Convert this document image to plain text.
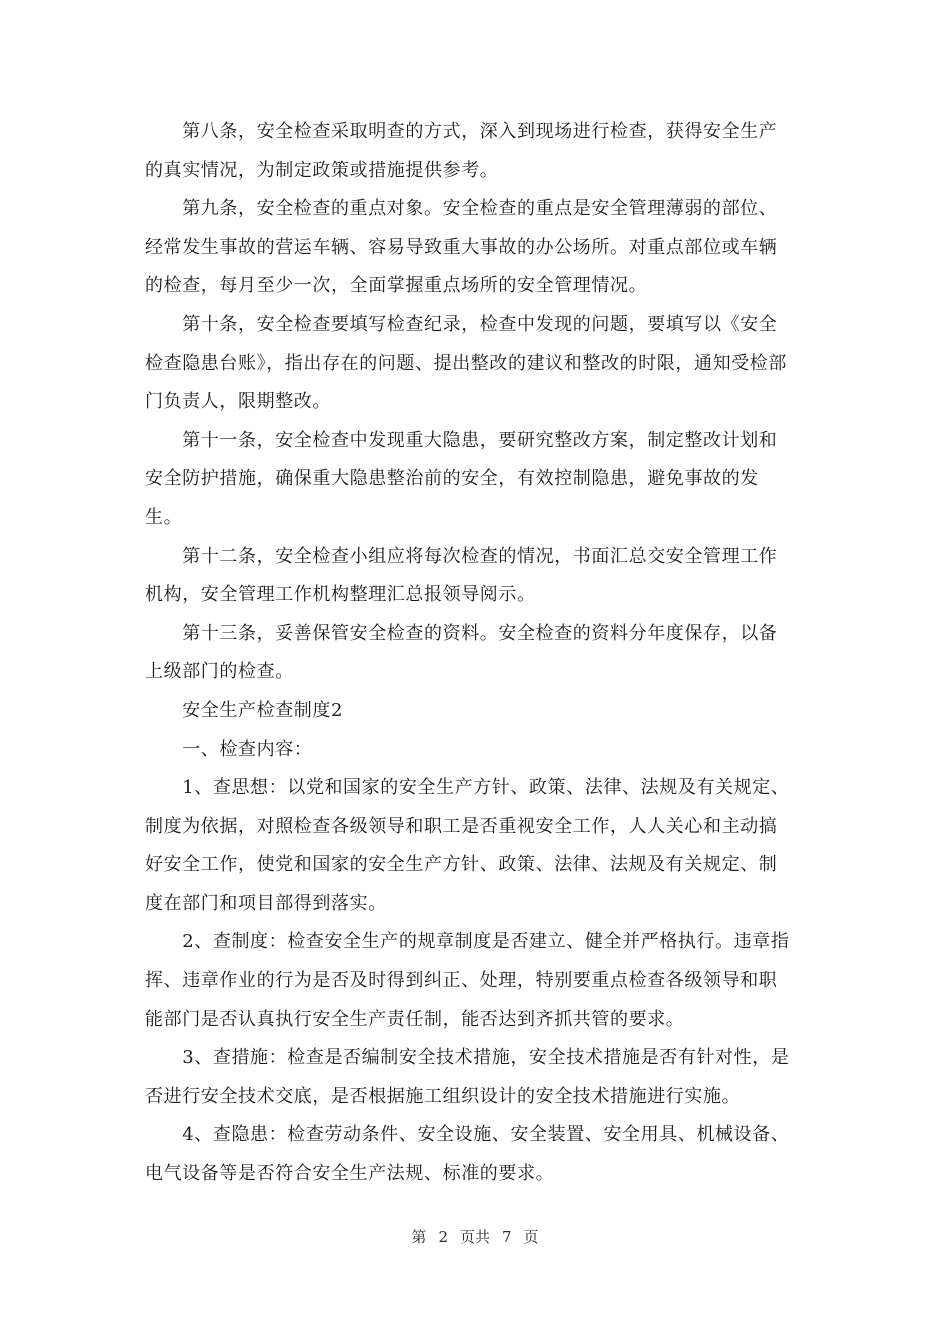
　　第八条，安全检查采取明查的方式，深入到现场进行检查，获得安全生产
的真实情况，为制定政策或措施提供参考。
　　第九条，安全检查的重点对象。安全检查的重点是安全管理薄弱的部位、
经常发生事故的营运车辆、容易导致重大事故的办公场所。对重点部位或车辆
的检查，每月至少一次，全面掌握重点场所的安全管理情况。
　　第十条，安全检查要填写检查纪录，检查中发现的问题，要填写以《安全
检查隐患台账》，指出存在的问题、提出整改的建议和整改的时限，通知受检部
门负责人，限期整改。
　　第十一条，安全检查中发现重大隐患，要研究整改方案，制定整改计划和
安全防护措施，确保重大隐患整治前的安全，有效控制隐患，避免事故的发
生。
　　第十二条，安全检查小组应将每次检查的情况，书面汇总交安全管理工作
机构，安全管理工作机构整理汇总报领导阅示。
　　第十三条，妥善保管安全检查的资料。安全检查的资料分年度保存，以备
上级部门的检查。
　　安全生产检查制度2
　　一、检查内容：
　　1、查思想：以党和国家的安全生产方针、政策、法律、法规及有关规定、
制度为依据，对照检查各级领导和职工是否重视安全工作，人人关心和主动搞
好安全工作，使党和国家的安全生产方针、政策、法律、法规及有关规定、制
度在部门和项目部得到落实。
　　2、查制度：检查安全生产的规章制度是否建立、健全并严格执行。违章指
挥、违章作业的行为是否及时得到纠正、处理，特别要重点检查各级领导和职
能部门是否认真执行安全生产责任制，能否达到齐抓共管的要求。
　　3、查措施：检查是否编制安全技术措施，安全技术措施是否有针对性，是
否进行安全技术交底，是否根据施工组织设计的安全技术措施进行实施。
　　4、查隐患：检查劳动条件、安全设施、安全装置、安全用具、机械设备、
电气设备等是否符合安全生产法规、标准的要求。
第 2 页共 7 页
